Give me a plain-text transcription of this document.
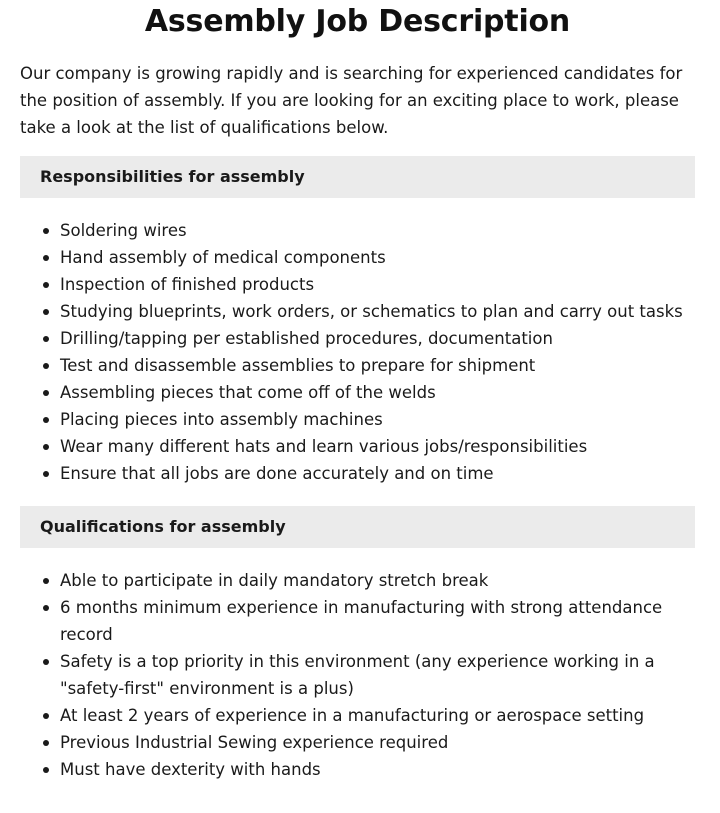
Assembly Job Description

Our company is growing rapidly and is searching for experienced candidates for the position of assembly. If you are looking for an exciting place to work, please take a look at the list of qualifications below.

Responsibilities for assembly
Soldering wires
Hand assembly of medical components
Inspection of finished products
Studying blueprints, work orders, or schematics to plan and carry out tasks
Drilling/tapping per established procedures, documentation
Test and disassemble assemblies to prepare for shipment
Assembling pieces that come off of the welds
Placing pieces into assembly machines
Wear many different hats and learn various jobs/responsibilities
Ensure that all jobs are done accurately and on time
Qualifications for assembly
Able to participate in daily mandatory stretch break
6 months minimum experience in manufacturing with strong attendance record
Safety is a top priority in this environment (any experience working in a "safety-first" environment is a plus)
At least 2 years of experience in a manufacturing or aerospace setting
Previous Industrial Sewing experience required
Must have dexterity with hands
